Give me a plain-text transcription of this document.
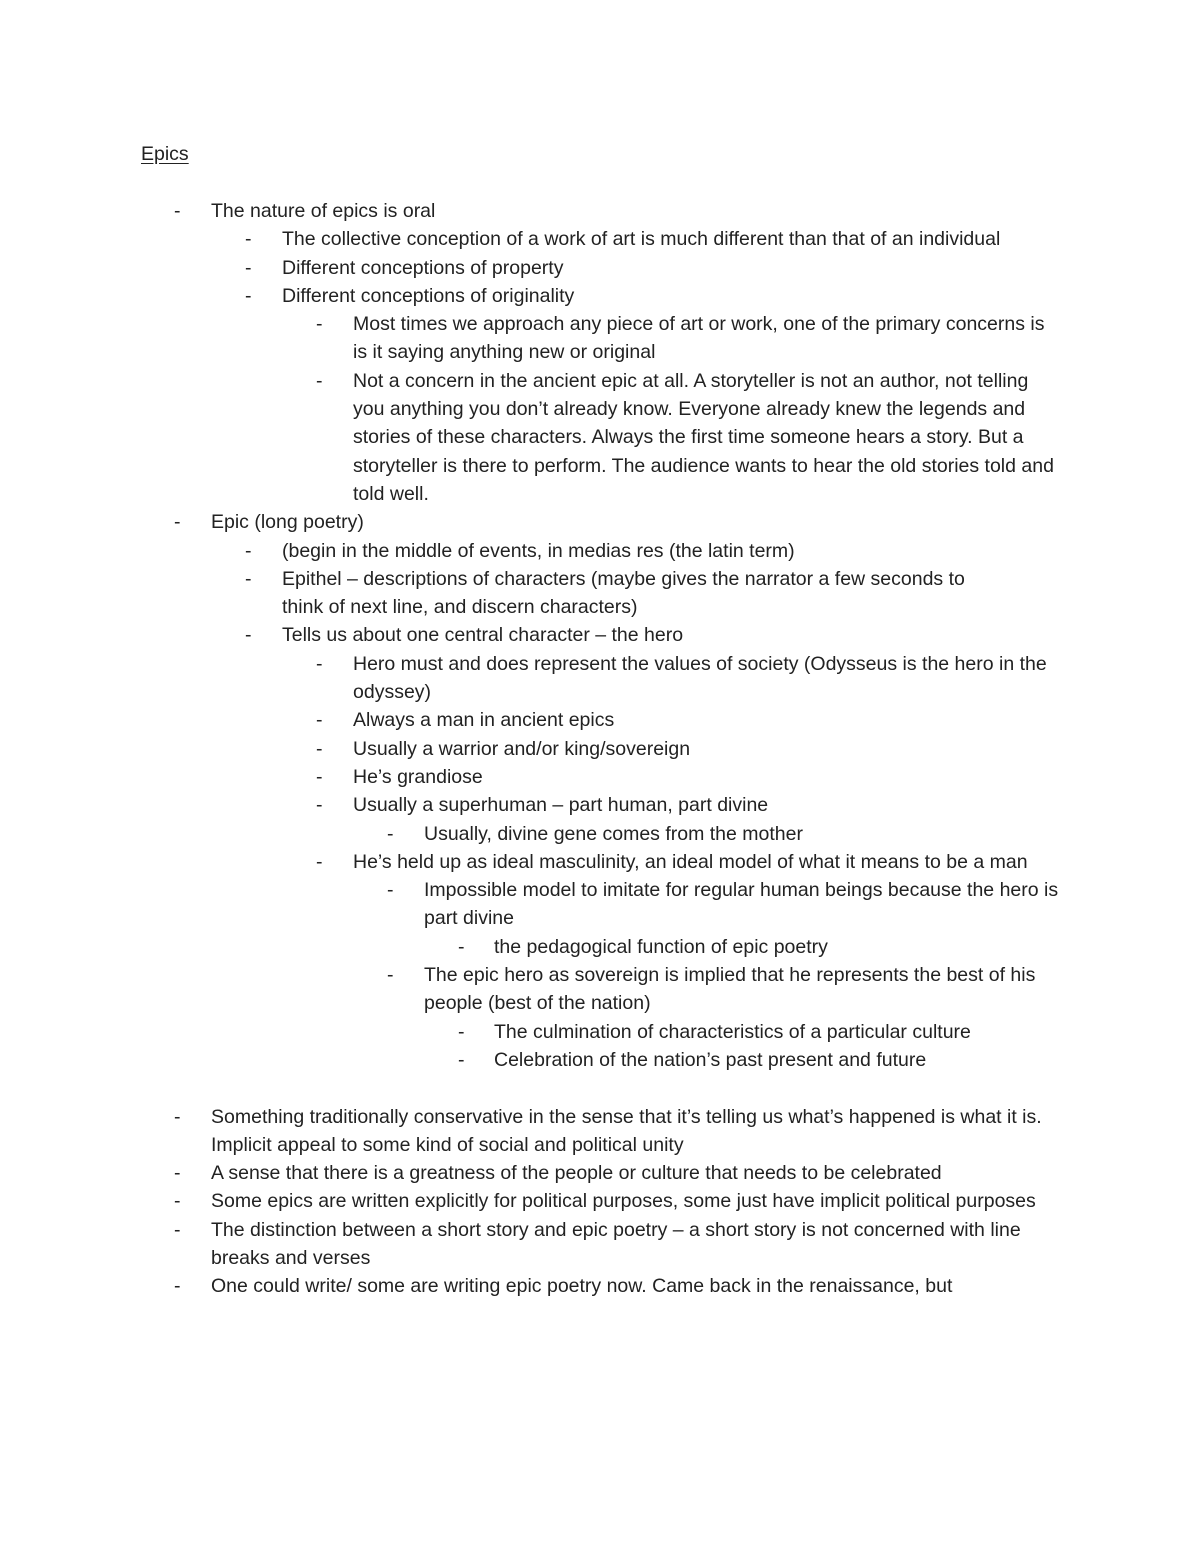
Epics
- The nature of epics is oral
- The collective conception of a work of art is much different than that of an individual
- Different conceptions of property
- Different conceptions of originality
- Most times we approach any piece of art or work, one of the primary concerns is is it saying anything new or original
- Not a concern in the ancient epic at all. A storyteller is not an author, not telling you anything you don’t already know. Everyone already knew the legends and stories of these characters. Always the first time someone hears a story. But a storyteller is there to perform. The audience wants to hear the old stories told and told well.
- Epic (long poetry)
- (begin in the middle of events, in medias res (the latin term)
- Epithel – descriptions of characters (maybe gives the narrator a few seconds to think of next line, and discern characters)
- Tells us about one central character – the hero
- Hero must and does represent the values of society (Odysseus is the hero in the odyssey)
- Always a man in ancient epics
- Usually a warrior and/or king/sovereign
- He’s grandiose
- Usually a superhuman – part human, part divine
- Usually, divine gene comes from the mother
- He’s held up as ideal masculinity, an ideal model of what it means to be a man
- Impossible model to imitate for regular human beings because the hero is part divine
- the pedagogical function of epic poetry
- The epic hero as sovereign is implied that he represents the best of his people (best of the nation)
- The culmination of characteristics of a particular culture
- Celebration of the nation’s past present and future
- Something traditionally conservative in the sense that it’s telling us what’s happened is what it is. Implicit appeal to some kind of social and political unity
- A sense that there is a greatness of the people or culture that needs to be celebrated
- Some epics are written explicitly for political purposes, some just have implicit political purposes
- The distinction between a short story and epic poetry – a short story is not concerned with line breaks and verses
- One could write/ some are writing epic poetry now. Came back in the renaissance, but
